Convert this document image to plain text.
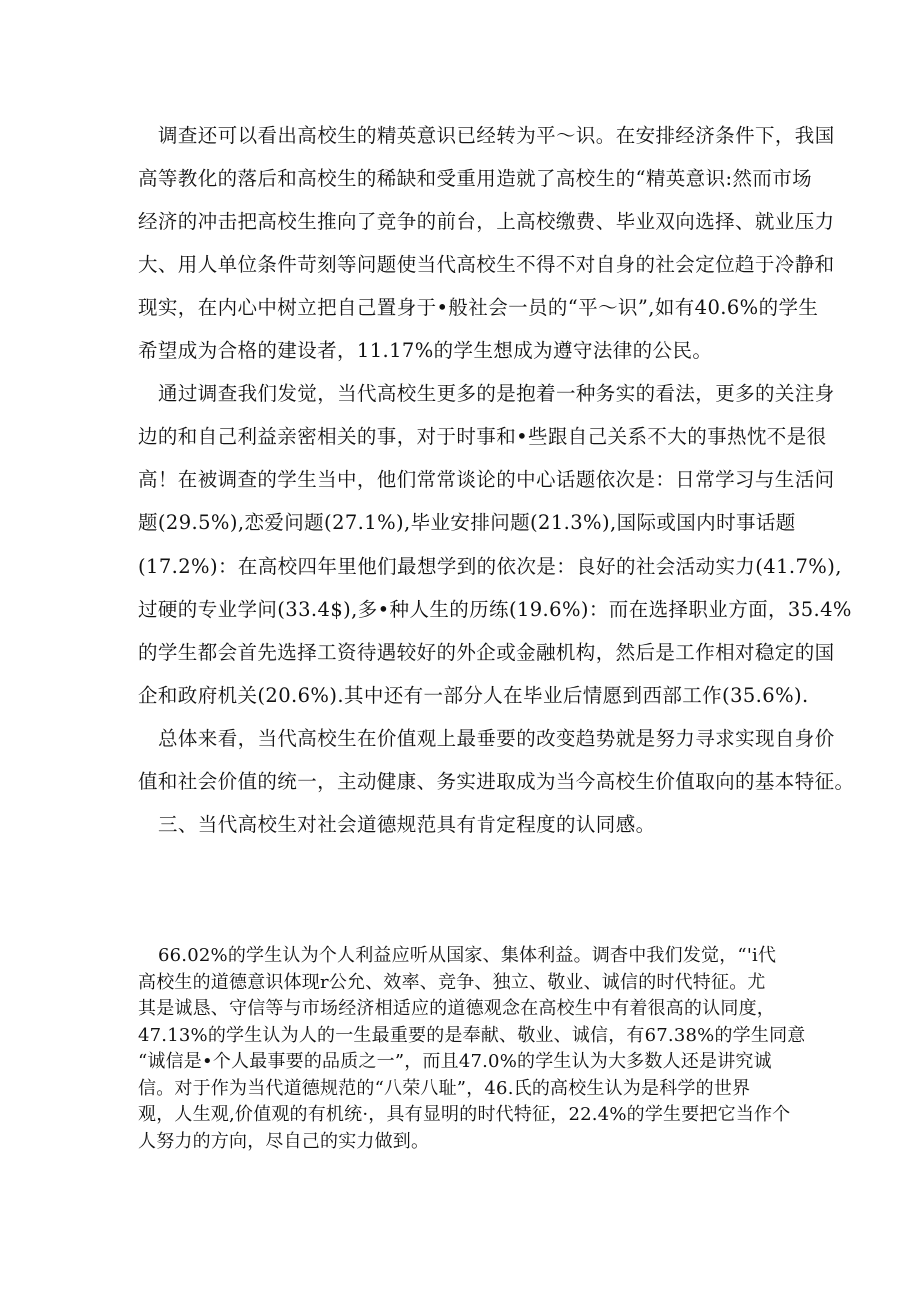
调查还可以看出高校生的精英意识已经转为平～识。在安排经济条件下，我国
高等教化的落后和高校生的稀缺和受重用造就了高校生的“精英意识:然而市场
经济的冲击把高校生推向了竞争的前台，上高校缴费、毕业双向选择、就业压力
大、用人单位条件苛刻等问题使当代高校生不得不对自身的社会定位趋于冷静和
现实，在内心中树立把自己置身于•般社会一员的“平～识”,如有40.6%的学生
希望成为合格的建设者，11.17%的学生想成为遵守法律的公民。
通过调查我们发觉，当代高校生更多的是抱着一种务实的看法，更多的关注身
边的和自己利益亲密相关的事，对于时事和•些跟自己关系不大的事热忱不是很
高！在被调查的学生当中，他们常常谈论的中心话题依次是：日常学习与生活问
题(29.5%),恋爱问题(27.1%),毕业安排问题(21.3%),国际或国内时事话题
(17.2%)：在高校四年里他们最想学到的依次是：良好的社会活动实力(41.7%),
过硬的专业学问(33.4$),多•种人生的历练(19.6%)：而在选择职业方面，35.4%
的学生都会首先选择工资待遇较好的外企或金融机构，然后是工作相对稳定的国
企和政府机关(20.6%).其中还有一部分人在毕业后情愿到西部工作(35.6%).
总体来看，当代高校生在价值观上最垂要的改变趋势就是努力寻求实现自身价
值和社会价值的统一，主动健康、务实进取成为当今高校生价值取向的基本特征。
三、当代高校生对社会道德规范具有肯定程度的认同感。
66.02%的学生认为个人利益应听从国家、集体利益。调杳中我们发觉，“'i代
高校生的道德意识体现r公允、效率、竞争、独立、敬业、诚信的时代特征。尤
其是诚恳、守信等与市场经济相适应的道德观念在高校生中有着很高的认同度，
47.13%的学生认为人的一生最重要的是奉献、敬业、诚信，有67.38%的学生同意
“诚信是•个人最事要的品质之一”，而且47.0%的学生认为大多数人还是讲究诚
信。对于作为当代道德规范的“八荣八耻”，46.氏的高校生认为是科学的世界
观，人生观,价值观的有机统·，具有显明的时代特征，22.4%的学生要把它当作个
人努力的方向，尽自己的实力做到。
